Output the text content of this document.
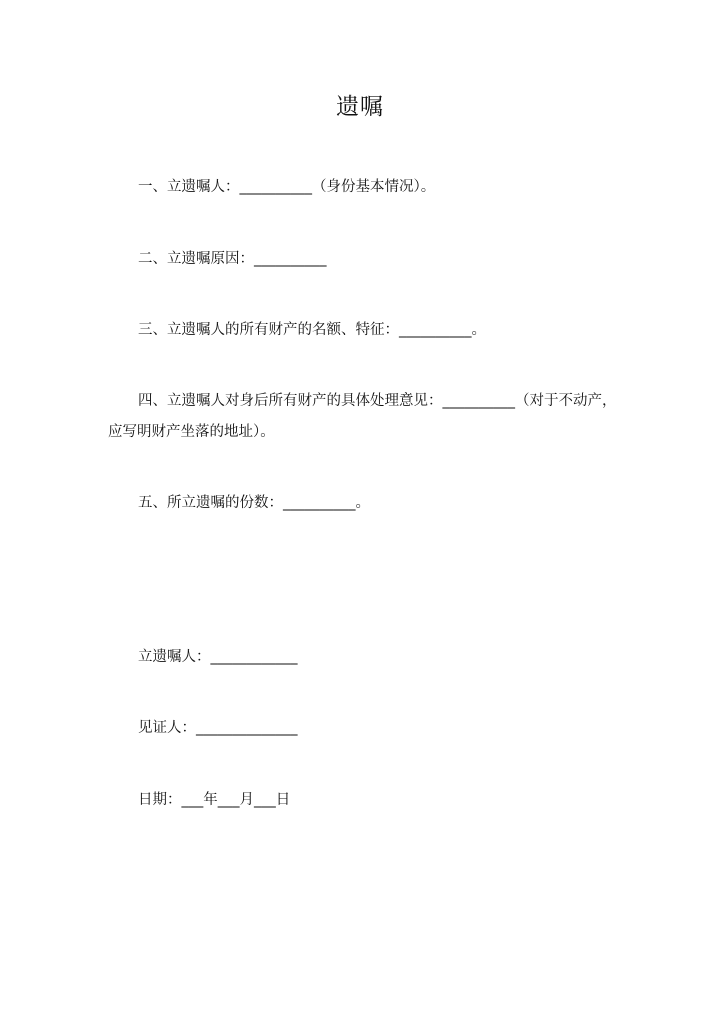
遗嘱
一、立遗嘱人：__________（身份基本情况）。
二、立遗嘱原因：__________
三、立遗嘱人的所有财产的名额、特征：__________。
四、立遗嘱人对身后所有财产的具体处理意见：__________（对于不动产，
应写明财产坐落的地址）。
五、所立遗嘱的份数：__________。
立遗嘱人：____________
见证人：______________
日期：___年___月___日
